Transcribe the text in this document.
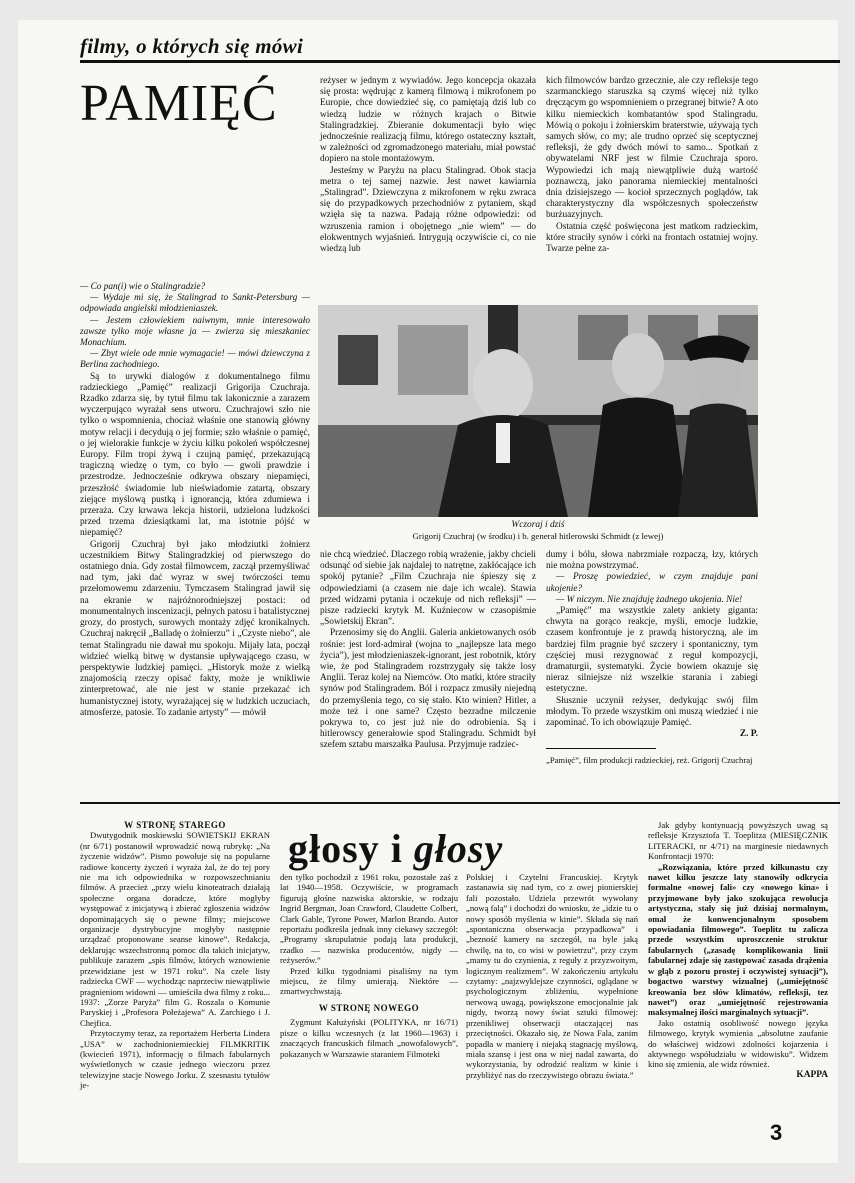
filmy, o których się mówi
PAMIĘĆ

— Co pan(i) wie o Stalingradzie?

— Wydaje mi się, że Stalingrad to Sankt-Petersburg — odpowiada angielski młodzieniaszek.

— Jestem człowiekiem naiwnym, mnie interesowało zawsze tylko moje własne ja — zwierza się mieszkaniec Monachium.

— Zbyt wiele ode mnie wymagacie! — mówi dziewczyna z Berlina zachodniego.

Są to urywki dialogów z dokumentalnego filmu radzieckiego „Pamięć” realizacji Grigorija Czuchraja. Rzadko zdarza się, by tytuł filmu tak lakonicznie a zarazem wyczerpująco wyrażał sens utworu. Czuchrajowi szło nie tylko o wspomnienia, chociaż właśnie one stanowią główny motyw relacji i decydują o jej formie; szło właśnie o pamięć, o jej wielorakie funkcje w życiu kilku pokoleń współczesnej Europy. Film tropi żywą i czujną pamięć, przekazującą tragiczną wiedzę o tym, co było — gwoli prawdzie i przestrodze. Jednocześnie odkrywa obszary niepamięci, przeszłość świadomie lub nieświadomie zatartą, obszary ziejące myślową pustką i ignorancją, która zdumiewa i przeraża. Czy krwawa lekcja historii, udzielona ludzkości przed trzema dziesiątkami lat, ma istotnie pójść w niepamięć?

Grigorij Czuchraj był jako młodziutki żołnierz uczestnikiem Bitwy Stalingradzkiej od pierwszego do ostatniego dnia. Gdy został filmowcem, zaczął przemyśliwać nad tym, jaki dać wyraz w swej twórczości temu przełomowemu zdarzeniu. Tymczasem Stalingrad jawił się na ekranie w najróżnorodniejszej postaci: od monumentalnych inscenizacji, pełnych patosu i batalistycznej grozy, do prostych, surowych montaży zdjęć kronikalnych. Czuchraj nakręcił „Balladę o żołnierzu” i „Czyste niebo”, ale temat Stalingradu nie dawał mu spokoju. Mijały lata, począł widzieć wielką bitwę w dystansie upływającego czasu, w perspektywie ludzkiej pamięci. „Historyk może z wielką znajomością rzeczy opisać fakty, może je wnikliwie zinterpretować, ale nie jest w stanie przekazać ich humanistycznej istoty, wyrażającej się w ludzkich uczuciach, atmosferze, patosie. To zadanie artysty” — mówił

reżyser w jednym z wywiadów. Jego koncepcja okazała się prosta: wędrując z kamerą filmową i mikrofonem po Europie, chce dowiedzieć się, co pamiętają dziś lub co wiedzą ludzie w różnych krajach o Bitwie Stalingradzkiej. Zbieranie dokumentacji było więc jednocześnie realizacją filmu, którego ostateczny kształt, w zależności od zgromadzonego materiału, miał powstać dopiero na stole montażowym.

Jesteśmy w Paryżu na placu Stalingrad. Obok stacja metra o tej samej nazwie. Jest nawet kawiarnia „Stalingrad”. Dziewczyna z mikrofonem w ręku zwraca się do przypadkowych przechodniów z pytaniem, skąd wzięła się ta nazwa. Padają różne odpowiedzi: od wzruszenia ramion i obojętnego „nie wiem” — do elokwentnych wyjaśnień. Intrygują oczywiście ci, co nie wiedzą lub

kich filmowców bardzo grzecznie, ale czy refleksje tego szarmanckiego staruszka są czymś więcej niż tylko dręczącym go wspomnieniem o przegranej bitwie? A oto kilku niemieckich kombatantów spod Stalingradu. Mówią o pokoju i żołnierskim braterstwie, używają tych samych słów, co my; ale trudno oprzeć się sceptycznej refleksji, że gdy dwóch mówi to samo... Spotkań z obywatelami NRF jest w filmie Czuchraja sporo. Wypowiedzi ich mają niewątpliwie dużą wartość poznawczą, jako panorama niemieckiej mentalności dnia dzisiejszego — kocioł sprzecznych poglądów, tak charakterystyczny dla współczesnych społeczeństw burżuazyjnych.

Ostatnia część poświęcona jest matkom radzieckim, które straciły synów i córki na frontach ostatniej wojny. Twarze pełne za-

Wczoraj i dziś
Grigorij Czuchraj (w środku) i b. generał hitlerowski Schmidt (z lewej)

nie chcą wiedzieć. Dlaczego robią wrażenie, jakby chcieli odsunąć od siebie jak najdalej to natrętne, zakłócające ich spokój pytanie? „Film Czuchraja nie śpieszy się z odpowiedziami (a czasem nie daje ich wcale). Stawia przed widzami pytania i oczekuje od nich refleksji” — pisze radziecki krytyk M. Kuźniecow w czasopiśmie „Sowietskij Ekran”.

Przenosimy się do Anglii. Galeria ankietowanych osób rośnie: jest lord-admirał (wojna to „najlepsze lata mego życia”), jest młodzieniaszek-ignorant, jest robotnik, który wie, że pod Stalingradem rozstrzygały się także losy Anglii. Teraz kolej na Niemców. Oto matki, które straciły synów pod Stalingradem. Ból i rozpacz zmusiły niejedną do przemyślenia tego, co się stało. Kto winien? Hitler, a może też i one same? Często bezradne milczenie pokrywa to, co jest już nie do odrobienia. Są i hitlerowscy generałowie spod Stalingradu. Schmidt był szefem sztabu marszałka Paulusa. Przyjmuje radziec-

dumy i bólu, słowa nabrzmiałe rozpaczą, łzy, których nie można powstrzymać.

— Proszę powiedzieć, w czym znajduje pani ukojenie?

— W niczym. Nie znajduję żadnego ukojenia. Nie!

„Pamięć” ma wszystkie zalety ankiety giganta: chwyta na gorąco reakcje, myśli, emocje ludzkie, czasem konfrontuje je z prawdą historyczną, ale im bardziej film pragnie być szczery i spontaniczny, tym częściej musi rezygnować z reguł kompozycji, dramaturgii, systematyki. Życie bowiem okazuje się nieraz silniejsze niż wszelkie starania i zabiegi estetyczne.

Słusznie uczynił reżyser, dedykując swój film młodym. To przede wszystkim oni muszą wiedzieć i nie zapominać. To ich obowiązuje Pamięć.

Z. P.
„Pamięć”, film produkcji radzieckiej, reż. Grigorij Czuchraj
W STRONĘ STAREGO

Dwutygodnik moskiewski SOWIETSKIJ EKRAN (nr 6/71) postanowił wprowadzić nową rubrykę: „Na życzenie widzów”. Pismo powołuje się na popularne radiowe koncerty życzeń i wyraża żal, że do tej pory nie ma ich odpowiednika w rozpowszechnianiu filmów. A przecież „przy wielu kinoteatrach działają społeczne organa doradcze, które mogłyby występować z inicjatywą i zbierać zgłoszenia widzów dopominających się o pewne filmy; miejscowe organizacje dystrybucyjne mogłyby następnie urządzać proponowane seanse kinowe”. Redakcja, deklarując wszechstronną pomoc dla takich inicjatyw, publikuje zarazem „spis filmów, których wznowienie przewidziane jest w 1971 roku”. Na czele listy radziecka CWF — wychodząc naprzeciw niewątpliwie pragnieniom widowni — umieściła dwa filmy z roku... 1937: „Zorze Paryża” film G. Roszala o Komunie Paryskiej i „Profesora Połeżajewa” A. Zarchiego i J. Chejfica.

Przytoczymy teraz, za reportażem Herberta Lindera „USA” w zachodnioniemieckiej FILMKRITIK (kwiecień 1971), informację o filmach fabularnych wyświetlonych w czasie jednego wieczoru przez telewizyjne stacje Nowego Jorku. Z szesnastu tytułów je-

głosy i głosy

den tylko pochodził z 1961 roku, pozostałe zaś z lat 1940—1958. Oczywiście, w programach figurują głośne nazwiska aktorskie, w rodzaju Ingrid Bergman, Joan Crawford, Claudette Colbert, Clark Gable, Tyrone Power, Marlon Brando. Autor reportażu podkreśla jednak inny ciekawy szczegół: „Programy skrupulatnie podają lata produkcji, rzadko — nazwiska producentów, nigdy — reżyserów.”

Przed kilku tygodniami pisaliśmy na tym miejscu, że filmy umierają. Niektóre — zmartwychwstają.

W STRONĘ NOWEGO

Zygmunt Kałużyński (POLITYKA, nr 16/71) pisze o kilku wczesnych (z lat 1960—1963) i znaczących francuskich filmach „nowofalowych”, pokazanych w Warszawie staraniem Filmoteki

Polskiej i Czytelni Francuskiej. Krytyk zastanawia się nad tym, co z owej pionierskiej fali pozostało. Udziela przewrót wywołany „nową falą” i dochodzi do wniosku, że „idzie tu o nowy sposób myślenia w kinie”. Składa się nań „spontaniczna obserwacja przypadkowa” i „bezność kamery na szczegół, na byle jaką chwilę, na to, co wisi w powietrzu”, przy czym „mamy tu do czynienia, z reguły z przyzwoitym, logicznym realizmem”. W zakończeniu artykułu czytamy: „najzwyklejsze czynności, oglądane w psychologicznym zbliżeniu, wypełnione nerwową uwagą, powiększone emocjonalnie jak nigdy, tworzą nowy świat sztuki filmowej: przenikliwej obserwacji otaczającej nas przeciętności. Okazało się, że Nowa Fala, zanim popadła w manierę i niejaką stagnację myślową, miała szansę i jest ona w niej nadal zawarta, do wykorzystania, by odrodzić realizm w kinie i przybliżyć nas do rzeczywistego obrazu świata.”

Jak gdyby kontynuacją powyższych uwag są refleksje Krzysztofa T. Toeplitza (MIESIĘCZNIK LITERACKI, nr 4/71) na marginesie niedawnych Konfrontacji 1970:

„Rozwiązania, które przed kilkunastu czy nawet kilku jeszcze laty stanowiły odkrycia formalne «nowej fali» czy «nowego kina» i przyjmowane były jako szokująca rewolucja artystyczna, stały się już dzisiaj normalnym, omal że konwencjonalnym sposobem opowiadania filmowego”. Toeplitz tu zalicza przede wszystkim uproszczenie struktur fabularnych („zasadę komplikowania linii fabularnej zdaje się zastępować zasada drążenia w głąb z pozoru prostej i oczywistej sytuacji”), bogactwo warstwy wizualnej („umiejętność kreowania bez słów klimatów, refleksji, tez nawet”) oraz „umiejętność rejestrowania maksymalnej ilości marginalnych sytuacji”.

Jako ostatnią osobliwość nowego języka filmowego, krytyk wymienia „absolutne zaufanie do właściwej widzowi zdolności kojarzenia i aktywnego współudziału w widowisku”. Widzem kino się zmienia, ale widz również.

KAPPA
3
